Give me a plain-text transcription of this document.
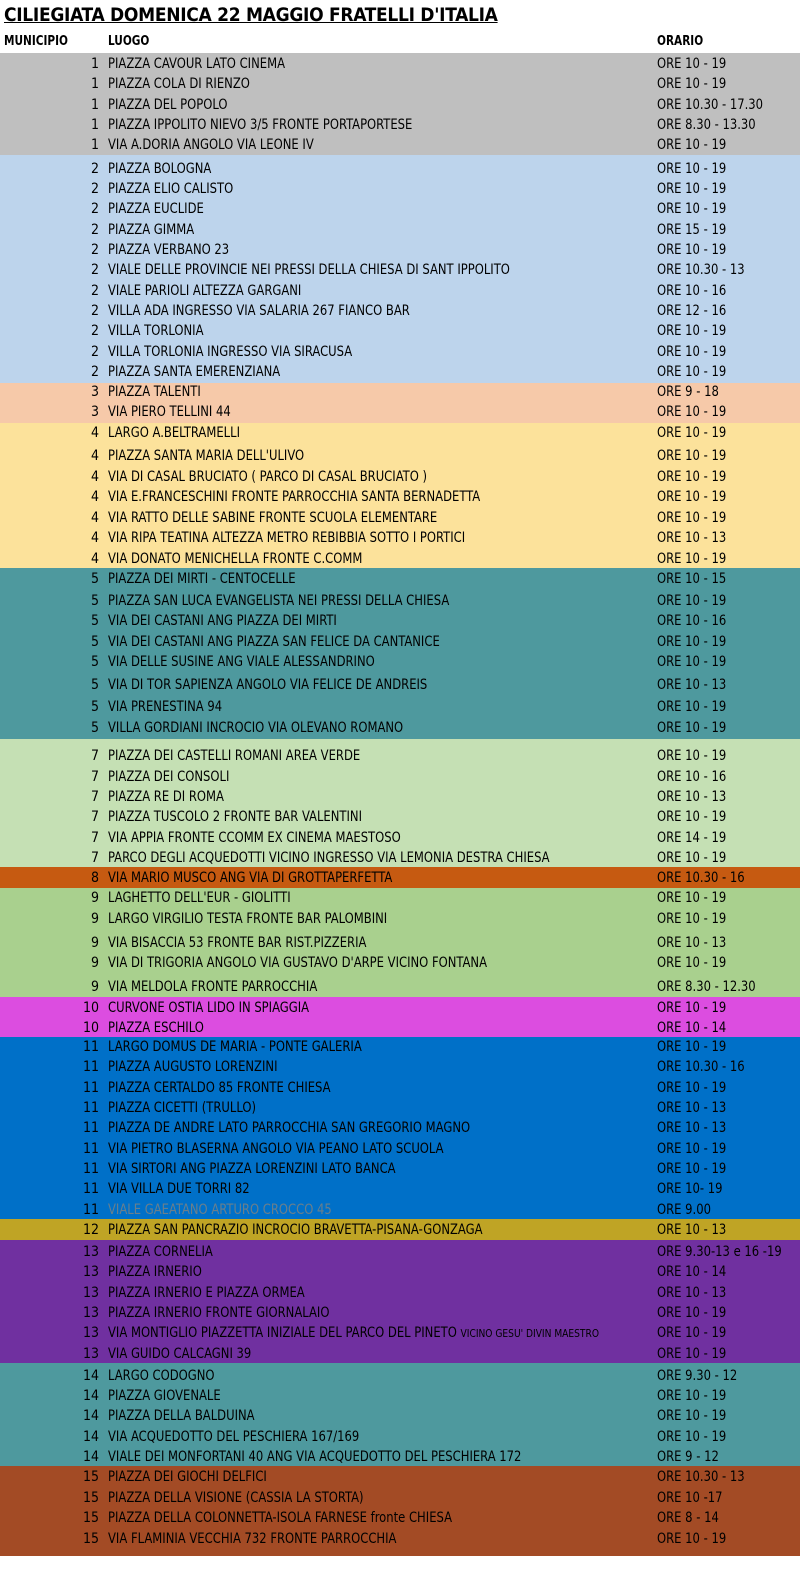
CILIEGIATA DOMENICA 22 MAGGIO FRATELLI D'ITALIA
MUNICIPIO	LUOGO	ORARIO
1 PIAZZA CAVOUR LATO CINEMA	ORE 10 - 19
1 PIAZZA COLA DI RIENZO	ORE 10 - 19
1 PIAZZA DEL POPOLO	ORE 10.30 - 17.30
1 PIAZZA IPPOLITO NIEVO 3/5 FRONTE PORTAPORTESE	ORE 8.30 - 13.30
1 VIA A.DORIA ANGOLO VIA LEONE IV	ORE 10 - 19
2 PIAZZA BOLOGNA	ORE 10 - 19
2 PIAZZA ELIO CALISTO	ORE 10 - 19
2 PIAZZA EUCLIDE	ORE 10 - 19
2 PIAZZA GIMMA	ORE 15 - 19
2 PIAZZA VERBANO 23	ORE 10 - 19
2 VIALE DELLE PROVINCIE NEI PRESSI DELLA CHIESA DI SANT IPPOLITO	ORE 10.30 - 13
2 VIALE PARIOLI ALTEZZA GARGANI	ORE 10 - 16
2 VILLA ADA INGRESSO VIA SALARIA 267 FIANCO BAR	ORE 12 - 16
2 VILLA TORLONIA	ORE 10 - 19
2 VILLA TORLONIA INGRESSO VIA SIRACUSA	ORE 10 - 19
2 PIAZZA SANTA EMERENZIANA	ORE 10 - 19
3 PIAZZA TALENTI	ORE 9 - 18
3 VIA PIERO TELLINI 44	ORE 10 - 19
4 LARGO A.BELTRAMELLI	ORE 10 - 19
4 PIAZZA SANTA MARIA DELL'ULIVO	ORE 10 - 19
4 VIA DI CASAL BRUCIATO ( PARCO DI CASAL BRUCIATO )	ORE 10 - 19
4 VIA E.FRANCESCHINI FRONTE PARROCCHIA SANTA BERNADETTA	ORE 10 - 19
4 VIA RATTO DELLE SABINE FRONTE SCUOLA ELEMENTARE	ORE 10 - 19
4 VIA RIPA TEATINA ALTEZZA METRO REBIBBIA SOTTO I PORTICI	ORE 10 - 13
4 VIA DONATO MENICHELLA FRONTE C.COMM	ORE 10 - 19
5 PIAZZA DEI MIRTI - CENTOCELLE	ORE 10 - 15
5 PIAZZA SAN LUCA EVANGELISTA NEI PRESSI DELLA CHIESA	ORE 10 - 19
5 VIA DEI CASTANI ANG PIAZZA DEI MIRTI	ORE 10 - 16
5 VIA DEI CASTANI ANG PIAZZA SAN FELICE DA CANTANICE	ORE 10 - 19
5 VIA DELLE SUSINE ANG VIALE ALESSANDRINO	ORE 10 - 19
5 VIA DI TOR SAPIENZA ANGOLO VIA FELICE DE ANDREIS	ORE 10 - 13
5 VIA PRENESTINA 94	ORE 10 - 19
5 VILLA GORDIANI INCROCIO VIA OLEVANO ROMANO	ORE 10 - 19
7 PIAZZA DEI CASTELLI ROMANI AREA VERDE	ORE 10 - 19
7 PIAZZA DEI CONSOLI	ORE 10 - 16
7 PIAZZA RE DI ROMA	ORE 10 - 13
7 PIAZZA TUSCOLO 2 FRONTE BAR VALENTINI	ORE 10 - 19
7 VIA APPIA FRONTE CCOMM EX CINEMA MAESTOSO	ORE 14 - 19
7 PARCO DEGLI ACQUEDOTTI VICINO INGRESSO VIA LEMONIA DESTRA CHIESA	ORE 10 - 19
8 VIA MARIO MUSCO ANG VIA DI GROTTAPERFETTA	ORE 10.30 - 16
9 LAGHETTO DELL'EUR - GIOLITTI	ORE 10 - 19
9 LARGO VIRGILIO TESTA FRONTE BAR PALOMBINI	ORE 10 - 19
9 VIA BISACCIA 53 FRONTE BAR RIST.PIZZERIA	ORE 10 - 13
9 VIA DI TRIGORIA ANGOLO VIA GUSTAVO D'ARPE VICINO FONTANA	ORE 10 - 19
9 VIA MELDOLA FRONTE PARROCCHIA	ORE 8.30 - 12.30
10 CURVONE OSTIA LIDO IN SPIAGGIA	ORE 10 - 19
10 PIAZZA ESCHILO	ORE 10 - 14
11 LARGO DOMUS DE MARIA - PONTE GALERIA	ORE 10 - 19
11 PIAZZA AUGUSTO LORENZINI	ORE 10.30 - 16
11 PIAZZA CERTALDO 85 FRONTE CHIESA	ORE 10 - 19
11 PIAZZA CICETTI (TRULLO)	ORE 10 - 13
11 PIAZZA DE ANDRE LATO PARROCCHIA SAN GREGORIO MAGNO	ORE 10 - 13
11 VIA PIETRO BLASERNA ANGOLO VIA PEANO LATO SCUOLA	ORE 10 - 19
11 VIA SIRTORI ANG PIAZZA LORENZINI LATO BANCA	ORE 10 - 19
11 VIA VILLA DUE TORRI 82	ORE 10- 19
11 VIALE GAEATANO ARTURO CROCCO 45	ORE 9.00
12 PIAZZA SAN PANCRAZIO INCROCIO BRAVETTA-PISANA-GONZAGA	ORE 10 - 13
13 PIAZZA CORNELIA	ORE 9.30-13 e 16 -19
13 PIAZZA IRNERIO	ORE 10 - 14
13 PIAZZA IRNERIO E PIAZZA ORMEA	ORE 10 - 13
13 PIAZZA IRNERIO FRONTE GIORNALAIO	ORE 10 - 19
13 VIA MONTIGLIO PIAZZETTA INIZIALE DEL PARCO DEL PINETO VICINO GESU' DIVIN MAESTRO	ORE 10 - 19
13 VIA GUIDO CALCAGNI 39	ORE 10 - 19
14 LARGO CODOGNO	ORE 9.30 - 12
14 PIAZZA GIOVENALE	ORE 10 - 19
14 PIAZZA DELLA BALDUINA	ORE 10 - 19
14 VIA ACQUEDOTTO DEL PESCHIERA 167/169	ORE 10 - 19
14 VIALE DEI MONFORTANI 40 ANG VIA ACQUEDOTTO DEL PESCHIERA 172	ORE 9 - 12
15 PIAZZA DEI GIOCHI DELFICI	ORE 10.30 - 13
15 PIAZZA DELLA VISIONE (CASSIA LA STORTA)	ORE 10 -17
15 PIAZZA DELLA COLONNETTA-ISOLA FARNESE fronte CHIESA	ORE 8 - 14
15 VIA FLAMINIA VECCHIA 732 FRONTE PARROCCHIA	ORE 10 - 19
